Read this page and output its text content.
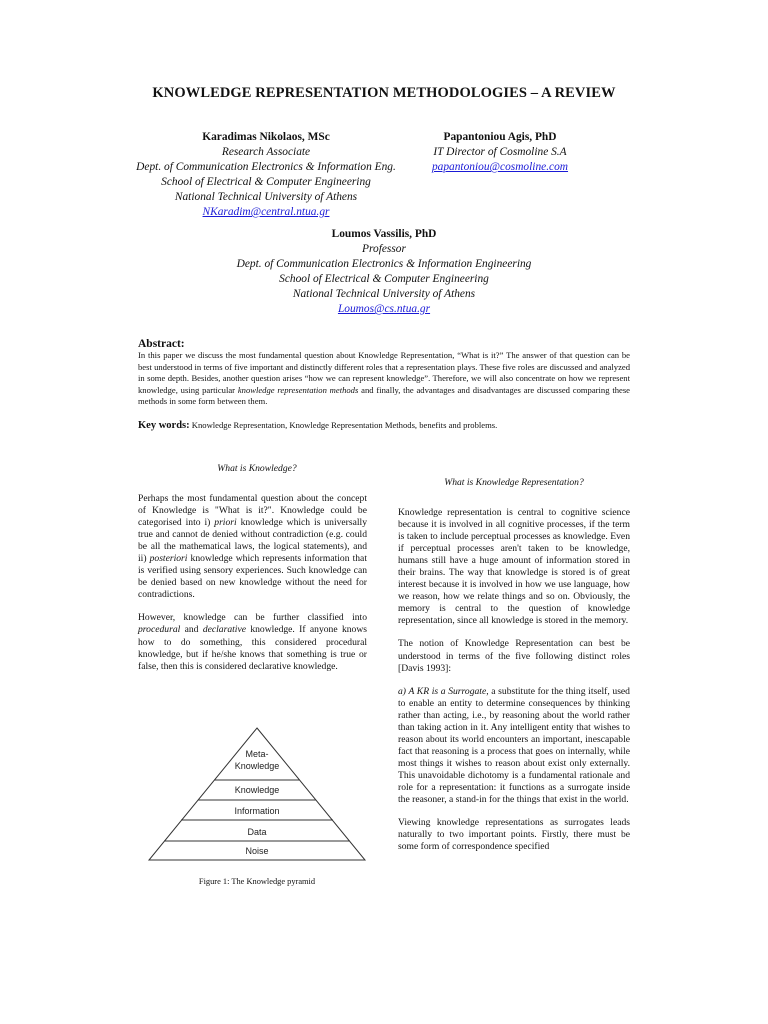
KNOWLEDGE REPRESENTATION METHODOLOGIES – A REVIEW
Karadimas Nikolaos, MSc
Research Associate
Dept. of Communication Electronics & Information Eng.
School of Electrical & Computer Engineering
National Technical University of Athens
NKaradim@central.ntua.gr
Papantoniou Agis, PhD
IT Director of Cosmoline S.A
papantoniou@cosmoline.com
Loumos Vassilis, PhD
Professor
Dept. of Communication Electronics & Information Engineering
School of Electrical & Computer Engineering
National Technical University of Athens
Loumos@cs.ntua.gr
Abstract:
In this paper we discuss the most fundamental question about Knowledge Representation, “What is it?” The answer of that question can be best understood in terms of five important and distinctly different roles that a representation plays. These five roles are discussed and analyzed in some depth. Besides, another question arises “how we can represent knowledge”. Therefore, we will also concentrate on how we represent knowledge, using particular knowledge representation methods and finally, the advantages and disadvantages are discussed comparing these methods in some form between them.
Key words: Knowledge Representation, Knowledge Representation Methods, benefits and problems.
What is Knowledge?

Perhaps the most fundamental question about the concept of Knowledge is "What is it?". Knowledge could be categorised into i) priori knowledge which is universally true and cannot de denied without contradiction (e.g. could be all the mathematical laws, the logical statements), and ii) posteriori knowledge which represents information that is verified using sensory experiences. Such knowledge can be denied based on new knowledge without the need for contradictions.

However, knowledge can be further classified into procedural and declarative knowledge. If anyone knows how to do something, this considered procedural knowledge, but if he/she knows that something is true or false, then this is considered declarative knowledge.

Meta-
Knowledge
Knowledge
Information
Data
Noise
Figure 1: The Knowledge pyramid
What is Knowledge Representation?

Knowledge representation is central to cognitive science because it is involved in all cognitive processes, if the term is taken to include perceptual processes as knowledge. Even if perceptual processes aren't taken to be knowledge, humans still have a huge amount of information stored in their brains. The way that knowledge is stored is of great interest because it is involved in how we use language, how we reason, how we relate things and so on. Obviously, the memory is central to the question of knowledge representation, since all knowledge is stored in the memory.

The notion of Knowledge Representation can best be understood in terms of the five following distinct roles [Davis 1993]:

a) A KR is a Surrogate, a substitute for the thing itself, used to enable an entity to determine consequences by thinking rather than acting, i.e., by reasoning about the world rather than taking action in it. Any intelligent entity that wishes to reason about its world encounters an important, inescapable fact that reasoning is a process that goes on internally, while most things it wishes to reason about exist only externally. This unavoidable dichotomy is a fundamental rationale and role for a representation: it functions as a surrogate inside the reasoner, a stand-in for the things that exist in the world.

Viewing knowledge representations as surrogates leads naturally to two important points. Firstly, there must be some form of correspondence specified
